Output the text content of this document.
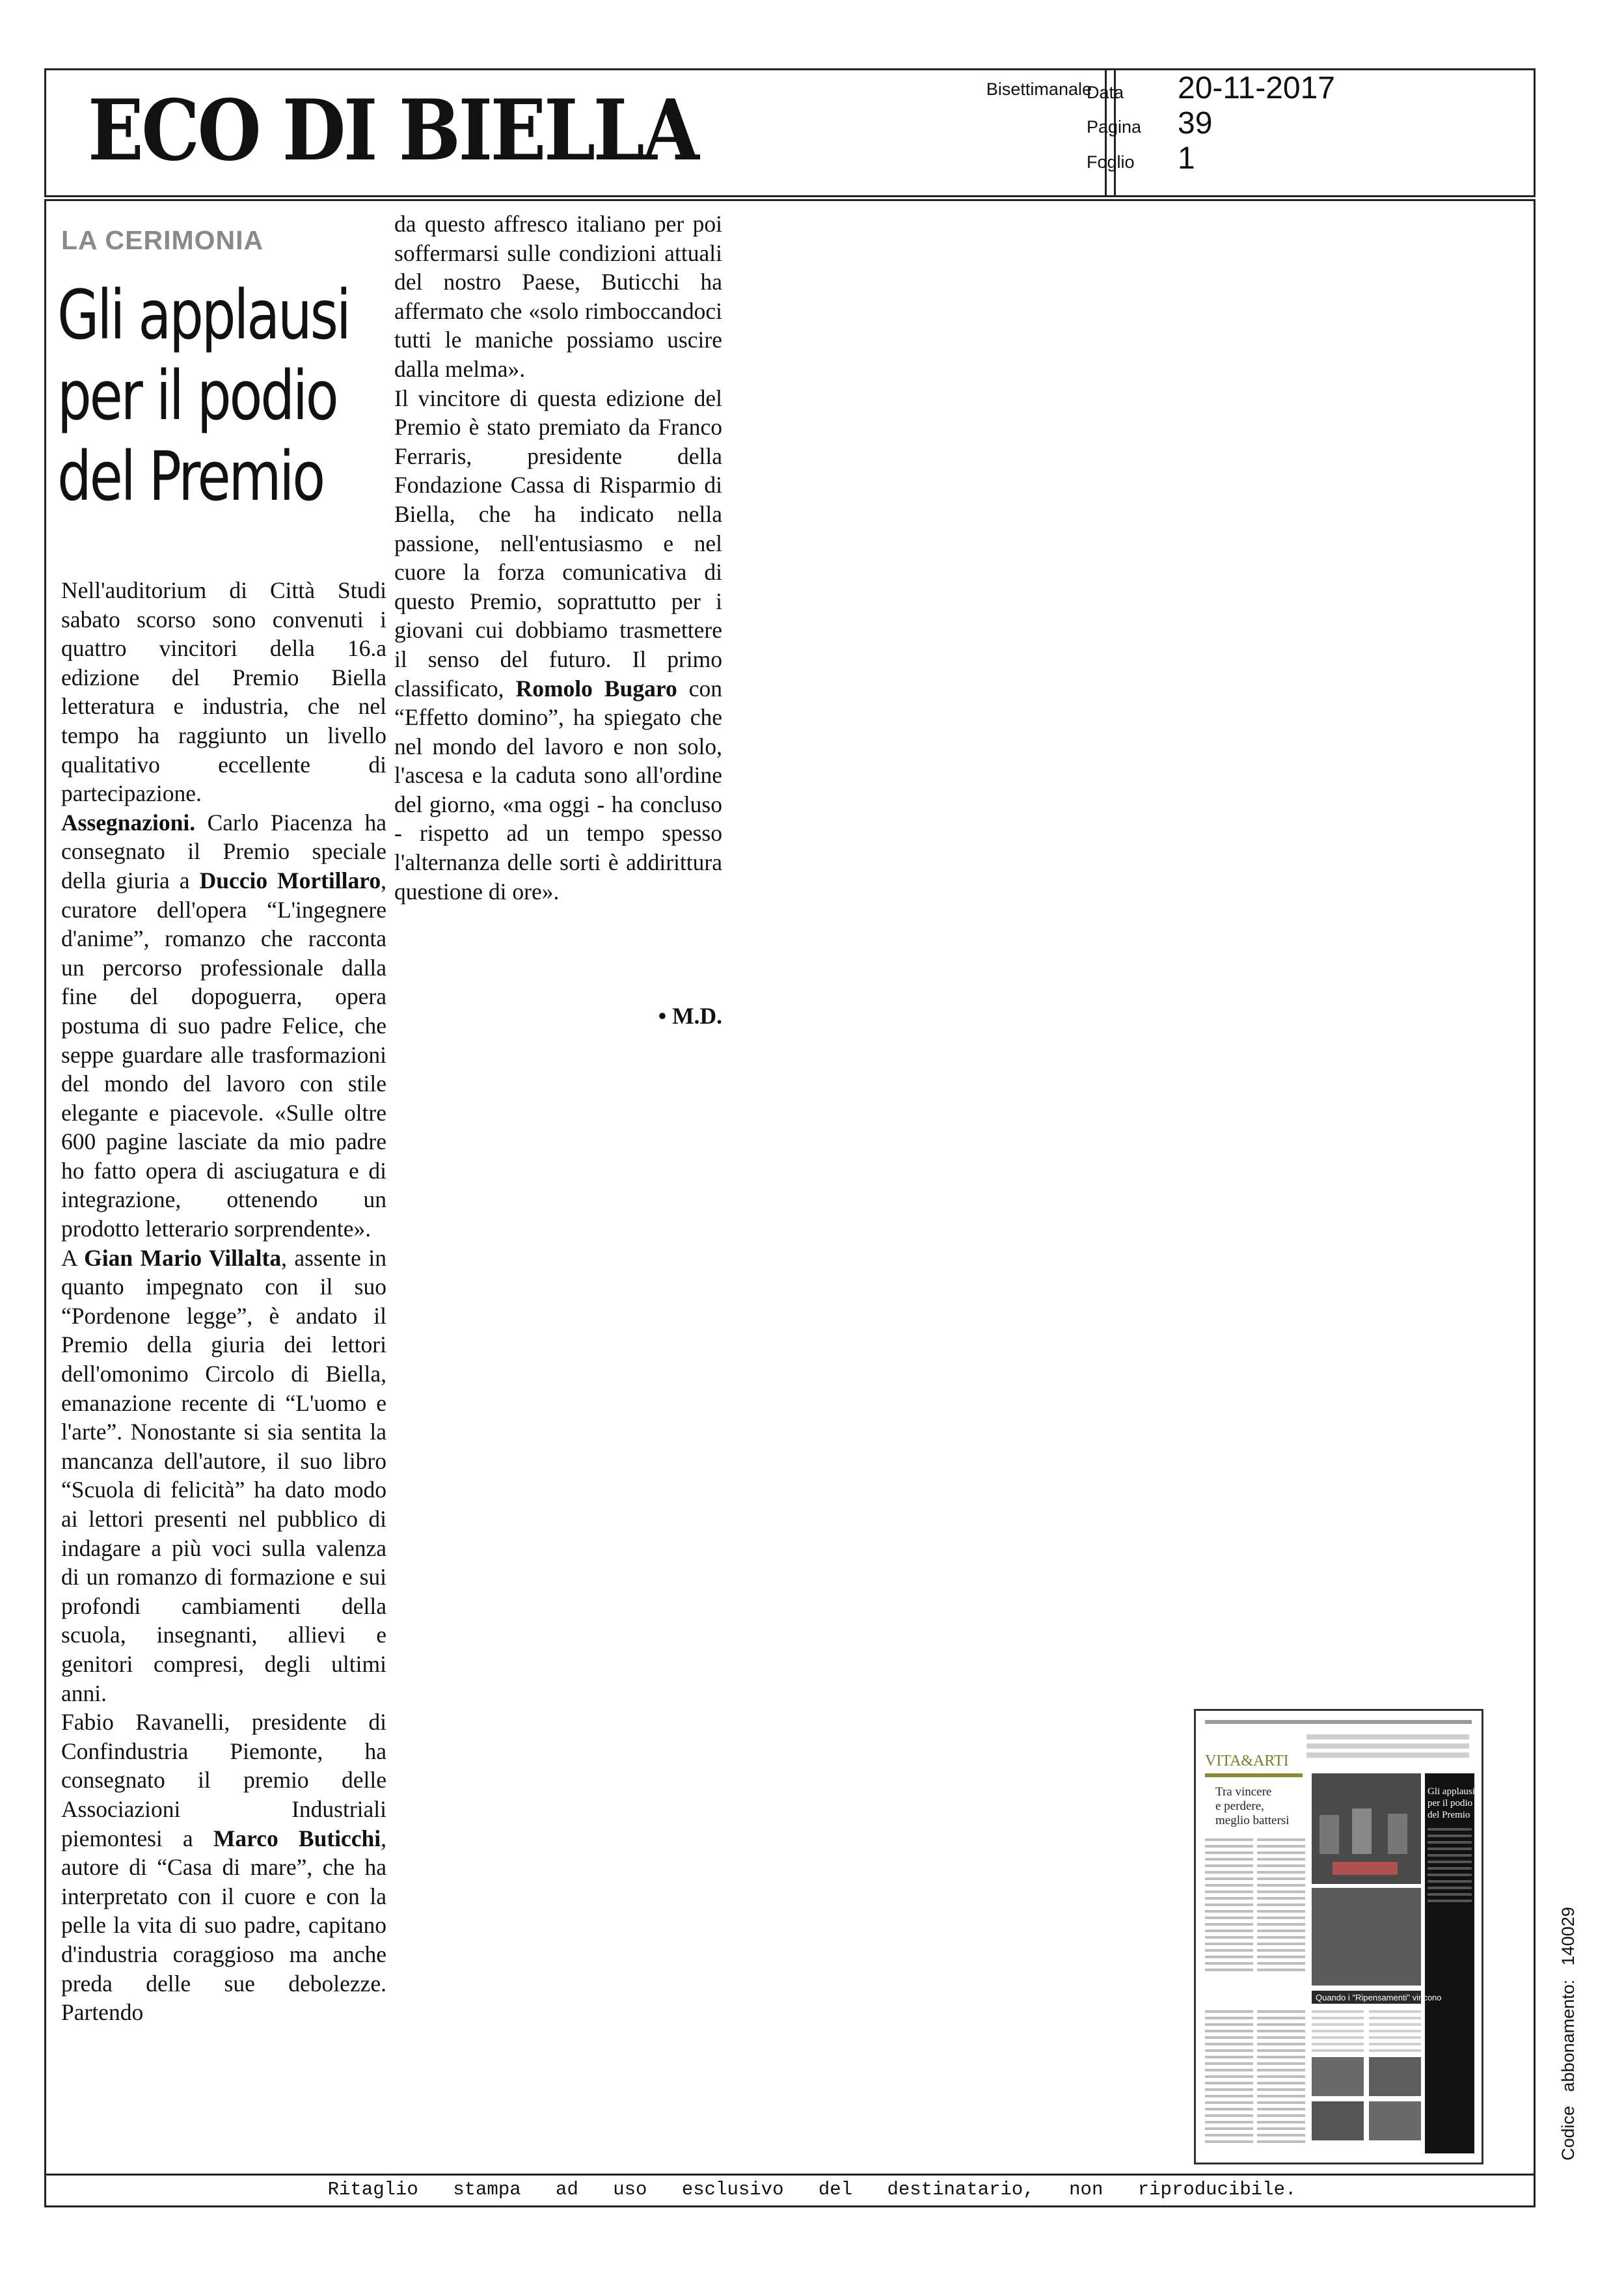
ECO DI BIELLA	Bisettimanale
Data 20-11-2017
Pagina 39
Foglio 1
Ritaglio stampa ad uso esclusivo del destinatario, non riproducibile.
LA CERIMONIA
Gli applausi
per il podio
del Premio

Nell'auditorium di Città Studi sabato scorso sono convenuti i quattro vincitori della 16.a edizione del Premio Biella letteratura e industria, che nel tempo ha raggiunto un livello qualitativo eccellente di partecipazione.

Assegnazioni. Carlo Piacenza ha consegnato il Premio speciale della giuria a Duccio Mortillaro, curatore dell'opera “L'ingegnere d'anime”, romanzo che racconta un percorso professionale dalla fine del dopoguerra, opera postuma di suo padre Felice, che seppe guardare alle trasformazioni del mondo del lavoro con stile elegante e piacevole. «Sulle oltre 600 pagine lasciate da mio padre ho fatto opera di asciugatura e di integrazione, ottenendo un prodotto letterario sorprendente».

A Gian Mario Villalta, assente in quanto impegnato con il suo “Pordenone legge”, è andato il Premio della giuria dei lettori dell'omonimo Circolo di Biella, emanazione recente di “L'uomo e l'arte”. Nonostante si sia sentita la mancanza dell'autore, il suo libro “Scuola di felicità” ha dato modo ai lettori presenti nel pubblico di indagare a più voci sulla valenza di un romanzo di formazione e sui profondi cambiamenti della scuola, insegnanti, allievi e genitori compresi, degli ultimi anni.

Fabio Ravanelli, presidente di Confindustria Piemonte, ha consegnato il premio delle Associazioni Industriali piemontesi a Marco Buticchi, autore di “Casa di mare”, che ha interpretato con il cuore e con la pelle la vita di suo padre, capitano d'industria coraggioso ma anche preda delle sue debolezze. Partendo

da questo affresco italiano per poi soffermarsi sulle condizioni attuali del nostro Paese, Buticchi ha affermato che «solo rimboccandoci tutti le maniche possiamo uscire dalla melma».

Il vincitore di questa edizione del Premio è stato premiato da Franco Ferraris, presidente della Fondazione Cassa di Risparmio di Biella, che ha indicato nella passione, nell'entusiasmo e nel cuore la forza comunicativa di questo Premio, soprattutto per i giovani cui dobbiamo trasmettere il senso del futuro. Il primo classificato, Romolo Bugaro con “Effetto domino”, ha spiegato che nel mondo del lavoro e non solo, l'ascesa e la caduta sono all'ordine del giorno, «ma oggi - ha concluso - rispetto ad un tempo spesso l'alternanza delle sorti è addirittura questione di ore».

• M.D.
VITA&ARTI
Tra vincere
e perdere,
meglio battersi
Gli applausi
per il podio
del Premio
Quando i "Ripensamenti" vincono	Codice abbonamento: 140029
